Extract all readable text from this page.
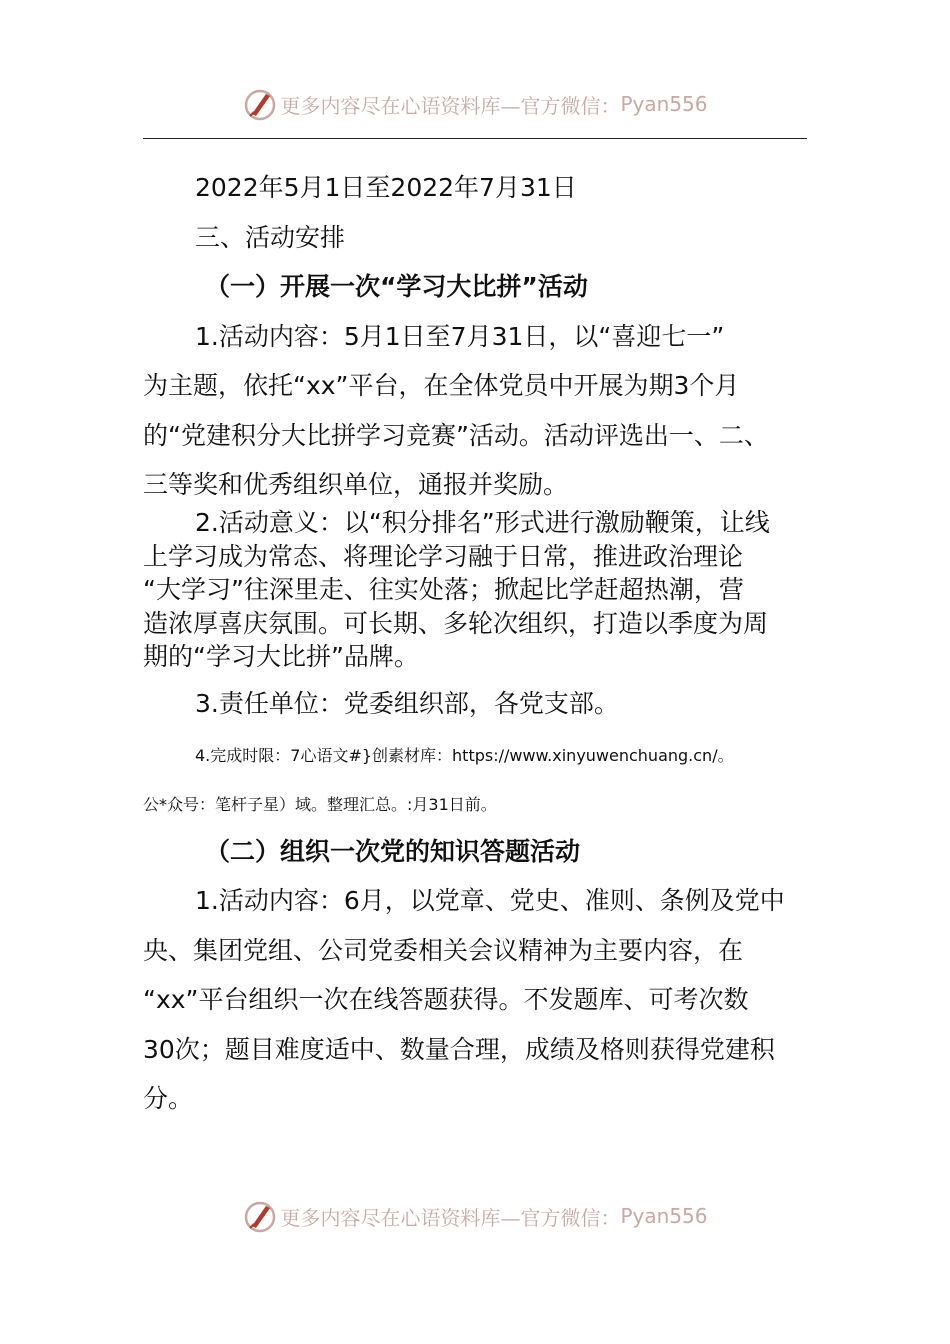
更多内容尽在心语资料库—官方微信： Pyan556
2022年5月1日至2022年7月31日
三、活动安排
（一）开展一次“学习大比拼”活动
1.活动内容：5月1日至7月31日，以“喜迎七一”
为主题，依托“xx”平台，在全体党员中开展为期3个月
的“党建积分大比拼学习竞赛”活动。活动评选出一、二、
三等奖和优秀组织单位，通报并奖励。
2.活动意义：以“积分排名”形式进行激励鞭策，让线
上学习成为常态、将理论学习融于日常，推进政治理论
“大学习”往深里走、往实处落；掀起比学赶超热潮，营
造浓厚喜庆氛围。可长期、多轮次组织，打造以季度为周
期的“学习大比拼”品牌。
3.责任单位：党委组织部，各党支部。
4.完成时限：7心语文#}创素材库：https://www.xinyuwenchuang.cn/。
公*众号：笔杆子星）域。整理汇总。:月31日前。
（二）组织一次党的知识答题活动
1.活动内容：6月，以党章、党史、准则、条例及党中
央、集团党组、公司党委相关会议精神为主要内容，在
“xx”平台组织一次在线答题获得。不发题库、可考次数
30次；题目难度适中、数量合理，成绩及格则获得党建积
分。
更多内容尽在心语资料库—官方微信： Pyan556
